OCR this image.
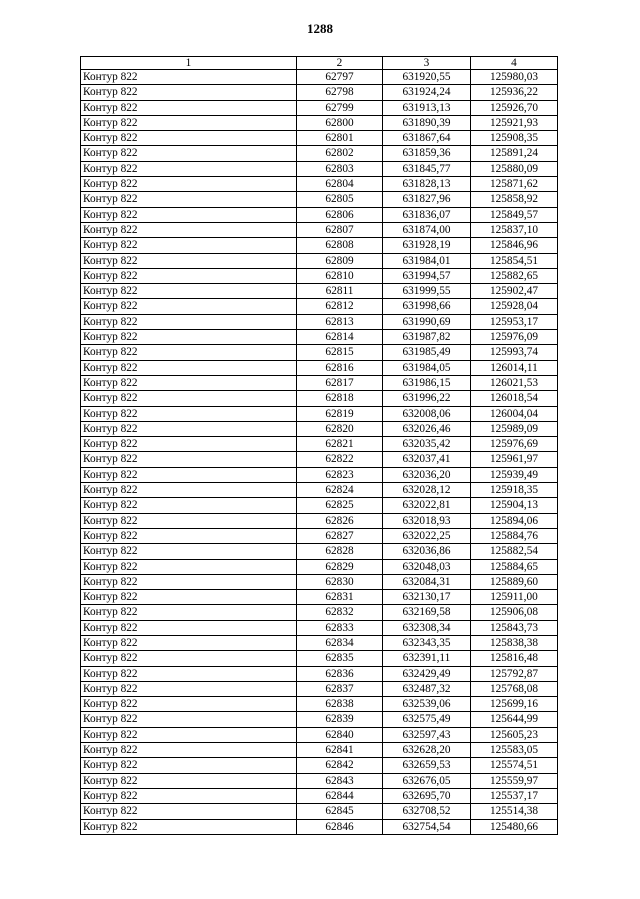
1288
1	2	3	4
Контур 822	62797	631920,55	125980,03
Контур 822	62798	631924,24	125936,22
Контур 822	62799	631913,13	125926,70
Контур 822	62800	631890,39	125921,93
Контур 822	62801	631867,64	125908,35
Контур 822	62802	631859,36	125891,24
Контур 822	62803	631845,77	125880,09
Контур 822	62804	631828,13	125871,62
Контур 822	62805	631827,96	125858,92
Контур 822	62806	631836,07	125849,57
Контур 822	62807	631874,00	125837,10
Контур 822	62808	631928,19	125846,96
Контур 822	62809	631984,01	125854,51
Контур 822	62810	631994,57	125882,65
Контур 822	62811	631999,55	125902,47
Контур 822	62812	631998,66	125928,04
Контур 822	62813	631990,69	125953,17
Контур 822	62814	631987,82	125976,09
Контур 822	62815	631985,49	125993,74
Контур 822	62816	631984,05	126014,11
Контур 822	62817	631986,15	126021,53
Контур 822	62818	631996,22	126018,54
Контур 822	62819	632008,06	126004,04
Контур 822	62820	632026,46	125989,09
Контур 822	62821	632035,42	125976,69
Контур 822	62822	632037,41	125961,97
Контур 822	62823	632036,20	125939,49
Контур 822	62824	632028,12	125918,35
Контур 822	62825	632022,81	125904,13
Контур 822	62826	632018,93	125894,06
Контур 822	62827	632022,25	125884,76
Контур 822	62828	632036,86	125882,54
Контур 822	62829	632048,03	125884,65
Контур 822	62830	632084,31	125889,60
Контур 822	62831	632130,17	125911,00
Контур 822	62832	632169,58	125906,08
Контур 822	62833	632308,34	125843,73
Контур 822	62834	632343,35	125838,38
Контур 822	62835	632391,11	125816,48
Контур 822	62836	632429,49	125792,87
Контур 822	62837	632487,32	125768,08
Контур 822	62838	632539,06	125699,16
Контур 822	62839	632575,49	125644,99
Контур 822	62840	632597,43	125605,23
Контур 822	62841	632628,20	125583,05
Контур 822	62842	632659,53	125574,51
Контур 822	62843	632676,05	125559,97
Контур 822	62844	632695,70	125537,17
Контур 822	62845	632708,52	125514,38
Контур 822	62846	632754,54	125480,66
